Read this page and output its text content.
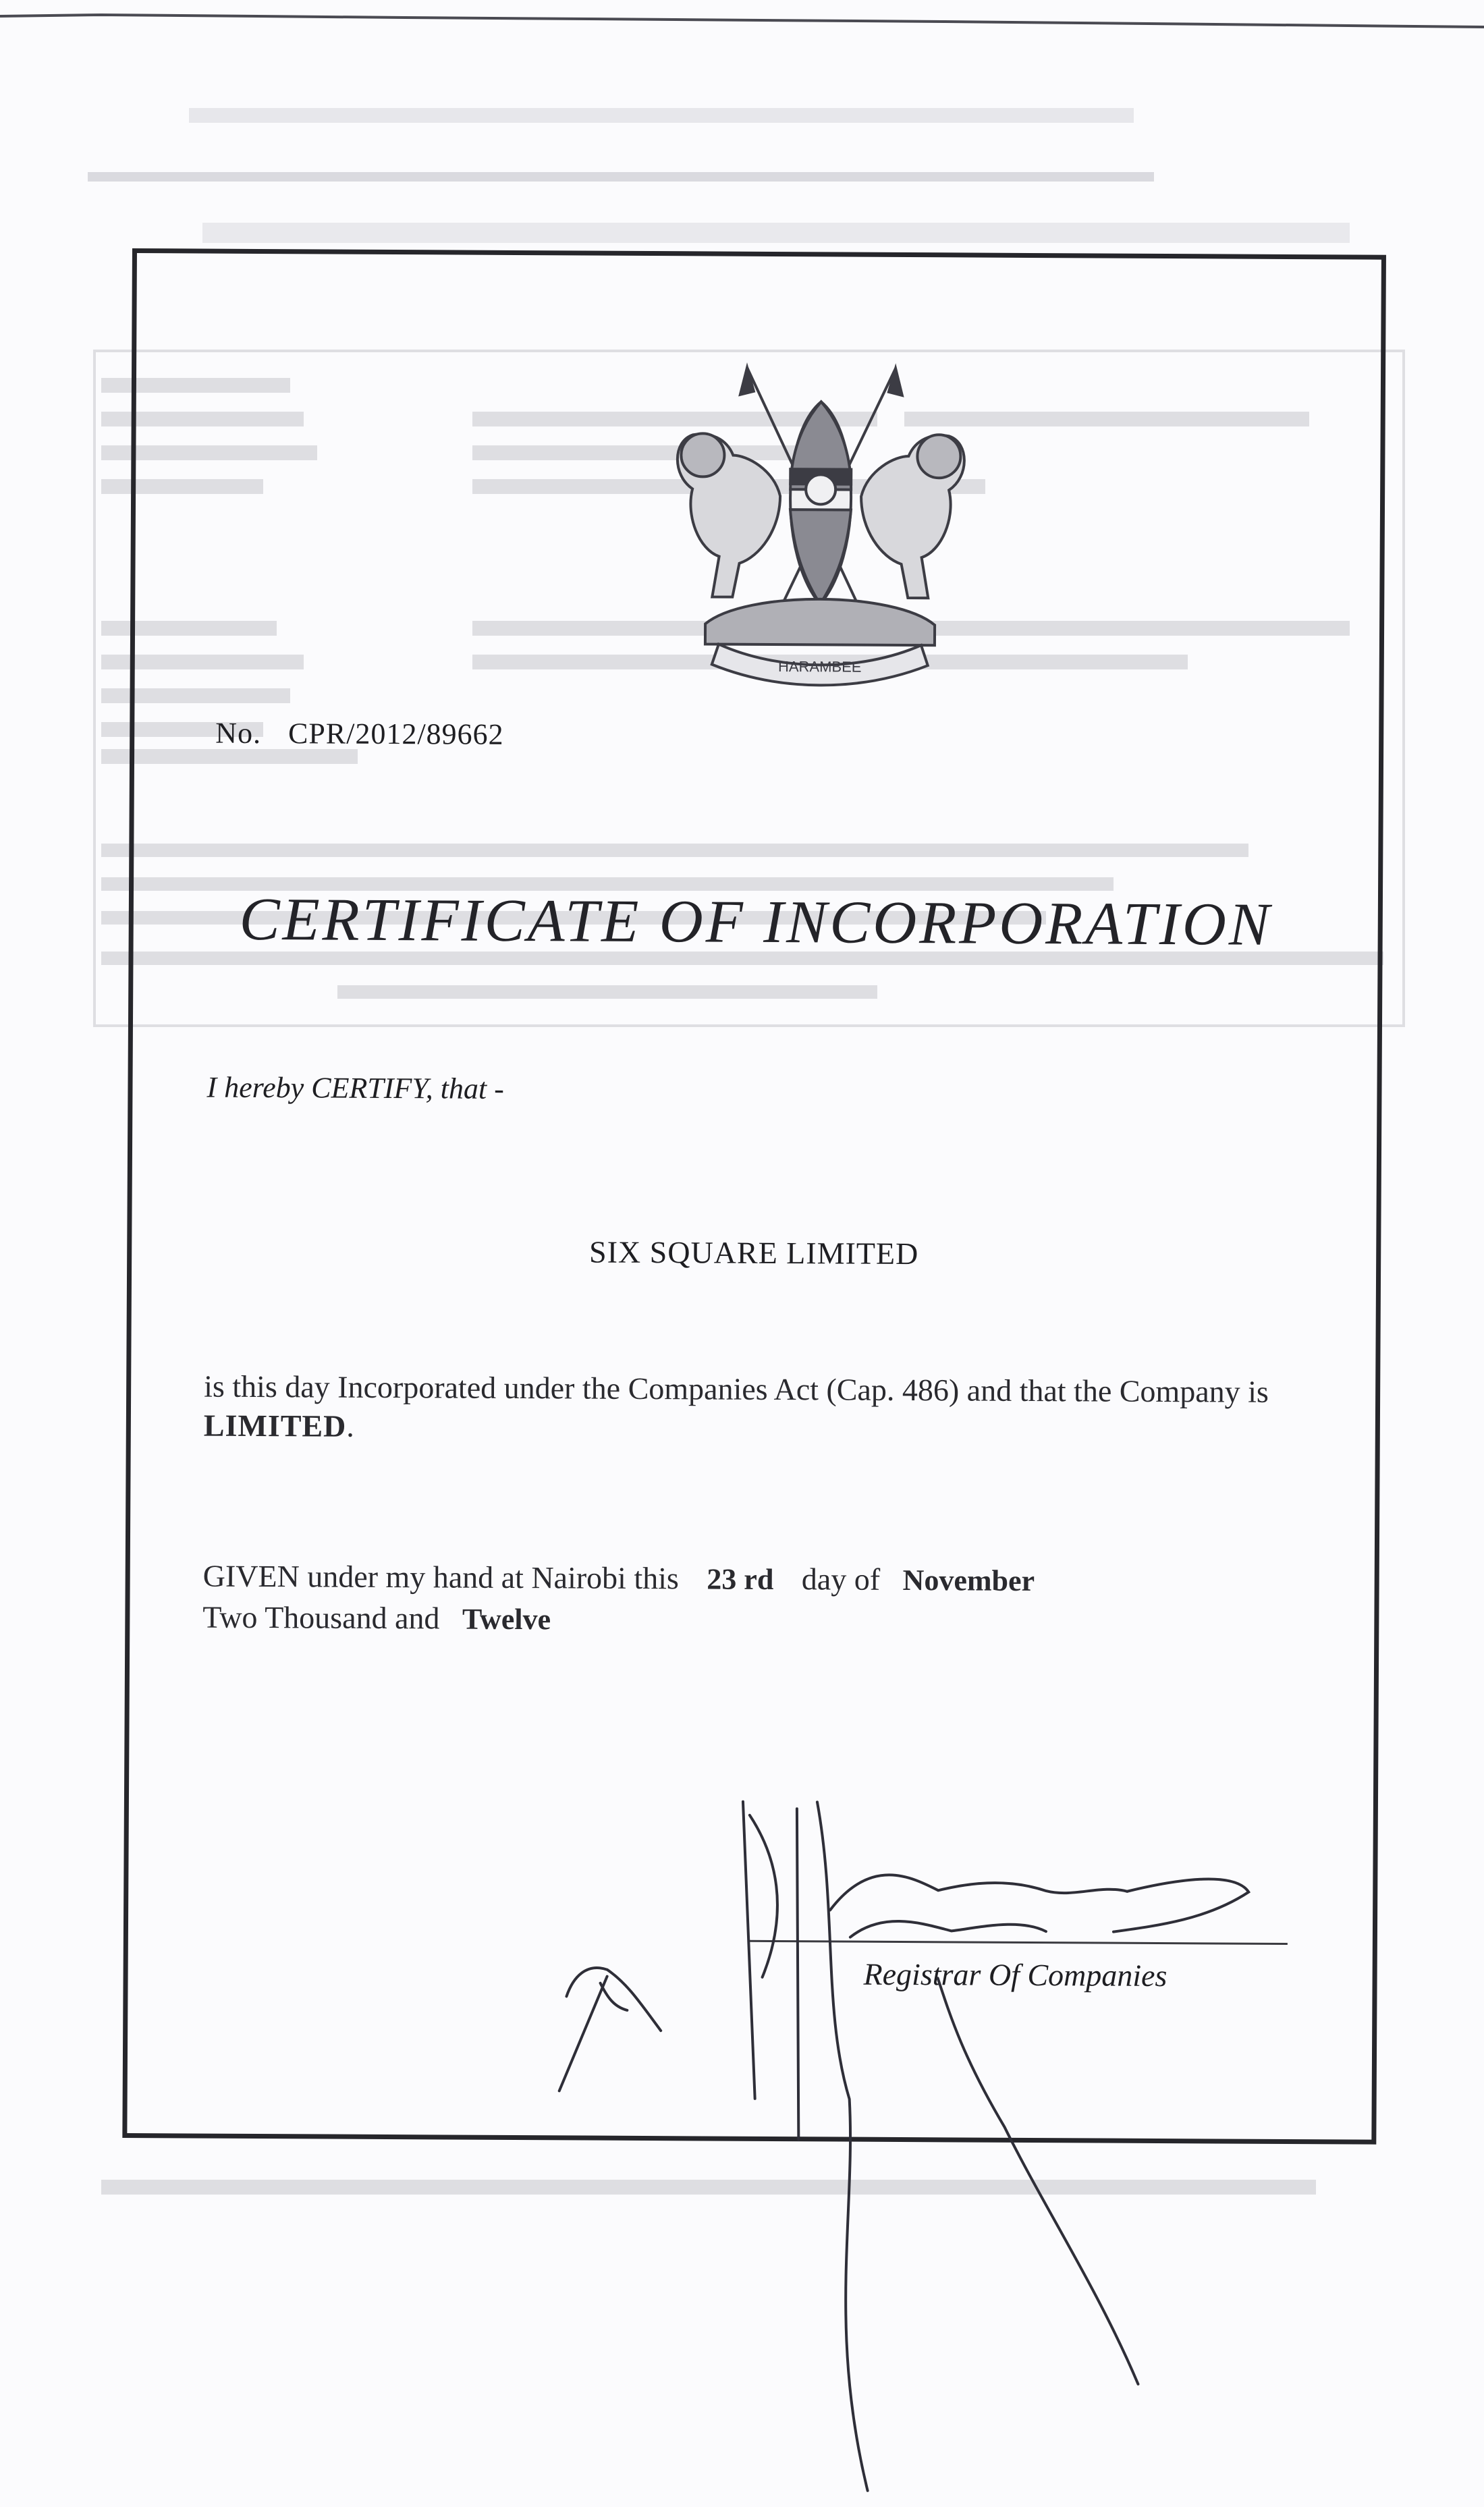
HARAMBEE
No. CPR/2012/89662
CERTIFICATE OF INCORPORATION
I hereby CERTIFY, that -
SIX SQUARE LIMITED
is this day Incorporated under the Companies Act (Cap. 486) and that the Company is LIMITED.
GIVEN under my hand at Nairobi this 23 rd day of November
Two Thousand and Twelve
Registrar Of Companies
